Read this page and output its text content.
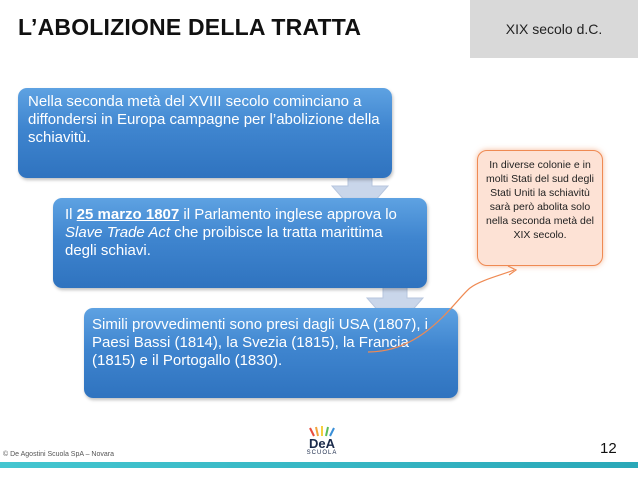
L’ABOLIZIONE DELLA TRATTA	XIX secolo d.C.
Nella seconda metà del XVIII secolo cominciano a diffondersi in Europa campagne per l’abolizione della schiavitù.
Il 25 marzo 1807 il Parlamento inglese approva lo Slave Trade Act che proibisce la tratta marittima degli schiavi.
Simili provvedimenti sono presi dagli USA (1807), i Paesi Bassi (1814), la Svezia (1815), la Francia (1815) e il Portogallo (1830).
In diverse colonie e in molti Stati del sud degli Stati Uniti la schiavitù sarà però abolita solo nella seconda metà del XIX secolo.
© De Agostini Scuola SpA – Novara
DeA
SCUOLA	12
